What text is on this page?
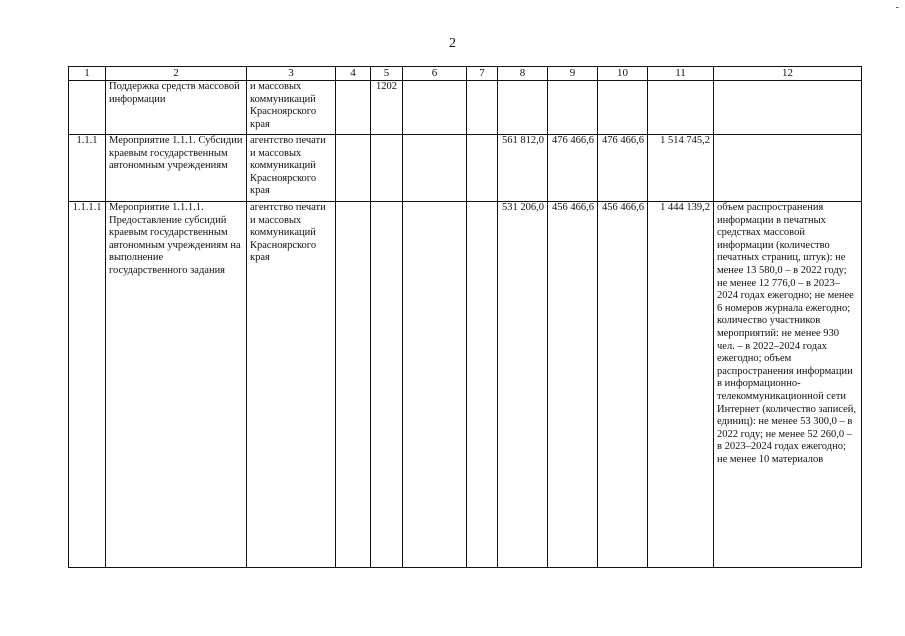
-
2
1	2	3	4	5	6	7	8	9	10	11	12
	Поддержка средств массовой информации	и массовых коммуникаций Красноярского края		1202							
1.1.1	Мероприятие 1.1.1. Субсидии краевым государственным автономным учреждениям	агентство печати и массовых коммуникаций Красноярского края					561 812,0	476 466,6	476 466,6	1 514 745,2	
1.1.1.1	Мероприятие 1.1.1.1. Предоставление субсидий краевым государственным автономным учреждениям на выполнение государственного задания	агентство печати и массовых коммуникаций Красноярского края					531 206,0	456 466,6	456 466,6	1 444 139,2	объем распространения информации в печатных средствах массовой информации (количество печатных страниц, штук): не менее 13 580,0 – в 2022 году; не менее 12 776,0 – в 2023–2024 годах ежегодно; не менее 6 номеров журнала ежегодно; количество участников мероприятий: не менее 930 чел. – в 2022–2024 годах ежегодно; объем распространения информации в информационно-телекоммуникационной сети Интернет (количество записей, единиц): не менее 53 300,0 – в 2022 году; не менее 52 260,0 – в 2023–2024 годах ежегодно; не менее 10 материалов
